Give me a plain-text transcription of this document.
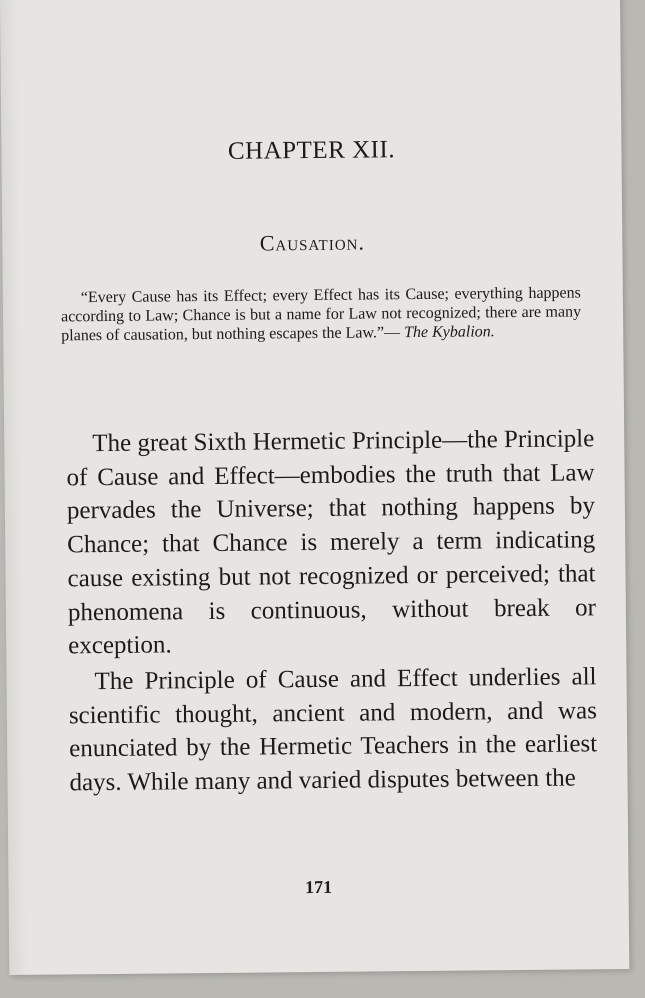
CHAPTER XII.
Causation.
“Every Cause has its Effect; every Effect has its Cause; everything happens according to Law; Chance is but a name for Law not recognized; there are many planes of causation, but nothing escapes the Law.”— The Kybalion.

The great Sixth Hermetic Principle—the Principle of Cause and Effect—embodies the truth that Law pervades the Universe; that nothing happens by Chance; that Chance is merely a term indicating cause existing but not recognized or perceived; that phenomena is continuous, without break or exception.

The Principle of Cause and Effect underlies all scientific thought, ancient and modern, and was enunciated by the Hermetic Teachers in the earliest days. While many and varied disputes between the

171
